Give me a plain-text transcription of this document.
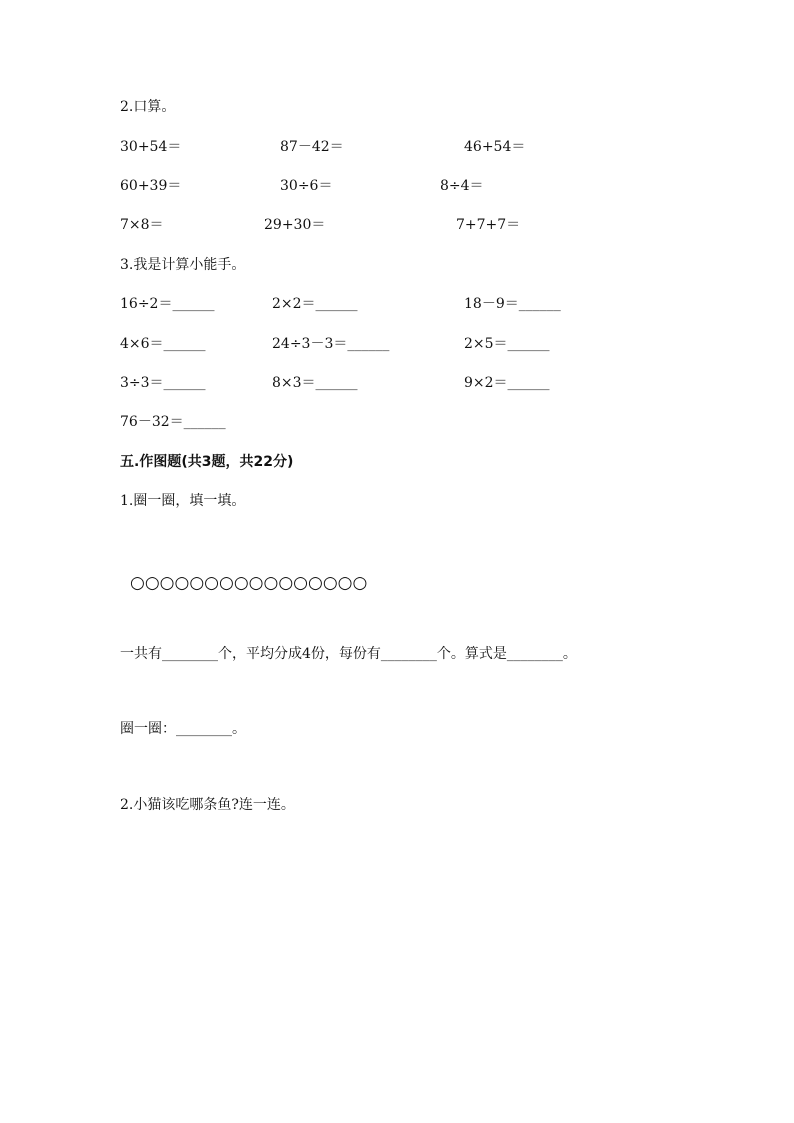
2.口算。
30+54＝	87－42＝	46+54＝
60+39＝	30÷6＝	8÷4＝
7×8＝	29+30＝	7+7+7＝
3.我是计算小能手。
16÷2＝______	2×2＝______	18－9＝______
4×6＝______	24÷3－3＝______	2×5＝______
3÷3＝______	8×3＝______	9×2＝______
76－32＝______
五.作图题(共3题，共22分)
1.圈一圈，填一填。
○○○○○○○○○○○○○○○○
一共有________个，平均分成4份，每份有________个。算式是________。
圈一圈：________。
2.小猫该吃哪条鱼?连一连。
